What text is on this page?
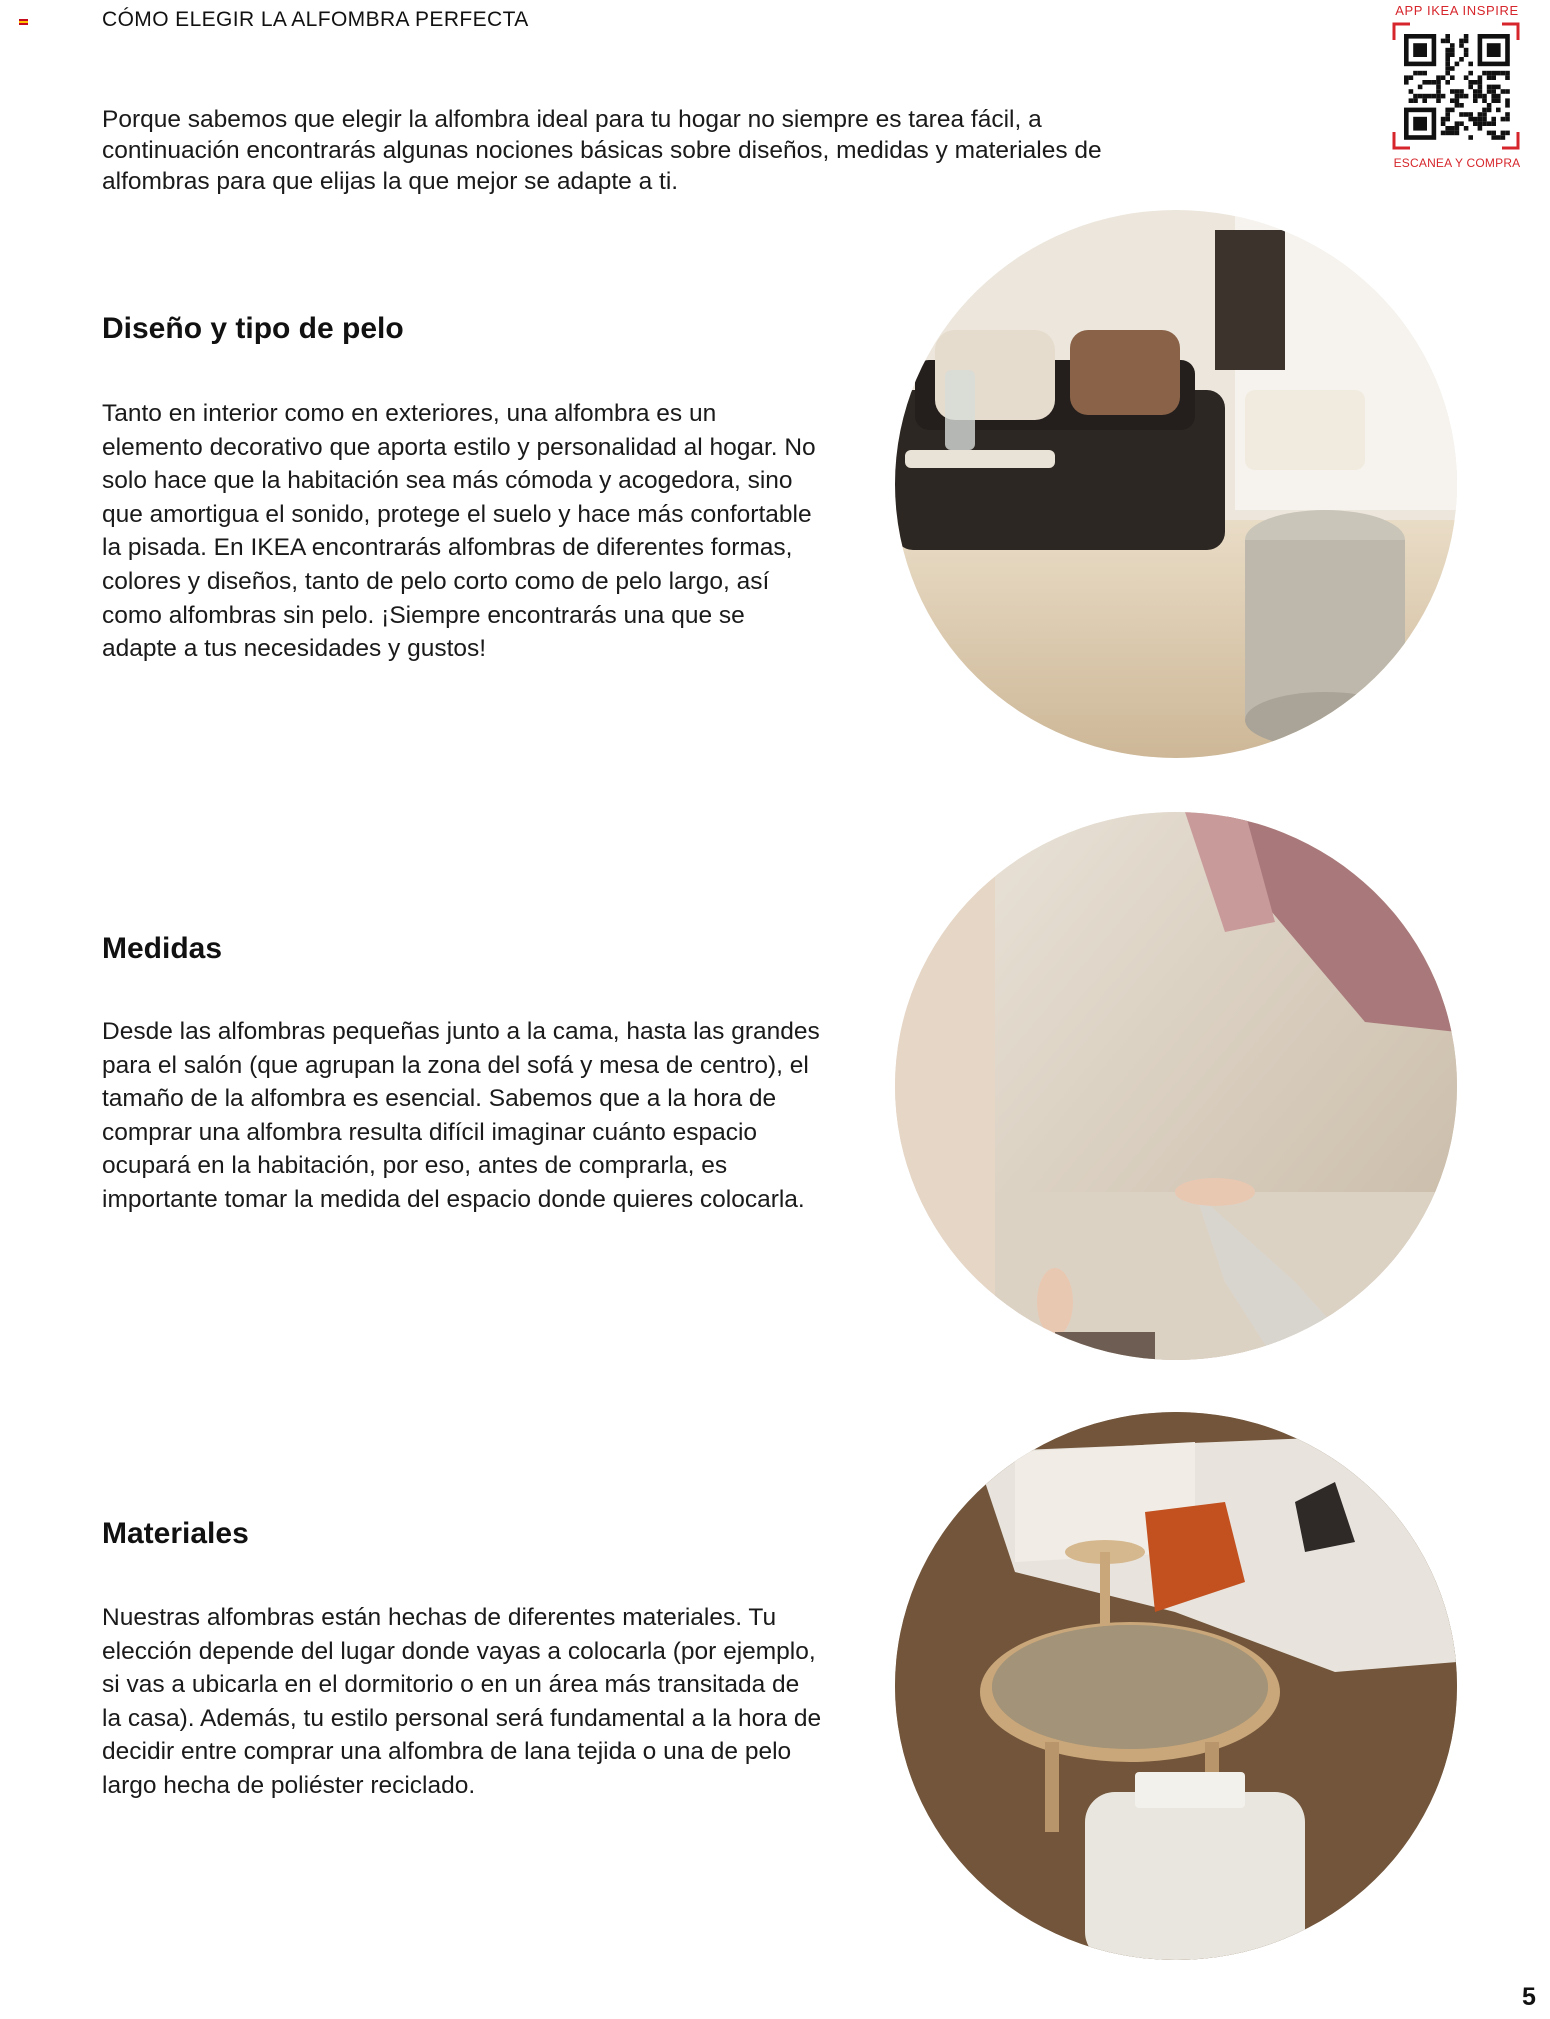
CÓMO ELEGIR LA ALFOMBRA PERFECTA	APP IKEA INSPIRE
ESCANEA Y COMPRA
Porque sabemos que elegir la alfombra ideal para tu hogar no siempre es tarea fácil, a continuación encontrarás algunas nociones básicas sobre diseños, medidas y materiales de alfombras para que elijas la que mejor se adapte a ti.
Diseño y tipo de pelo
Tanto en interior como en exteriores, una alfombra es un elemento decorativo que aporta estilo y personalidad al hogar. No solo hace que la habitación sea más cómoda y acogedora, sino que amortigua el sonido, protege el suelo y hace más confortable la pisada. En IKEA encontrarás alfombras de diferentes formas, colores y diseños, tanto de pelo corto como de pelo largo, así como alfombras sin pelo. ¡Siempre encontrarás una que se adapte a tus necesidades y gustos!
Medidas
Desde las alfombras pequeñas junto a la cama, hasta las grandes para el salón (que agrupan la zona del sofá y mesa de centro), el tamaño de la alfombra es esencial. Sabemos que a la hora de comprar una alfombra resulta difícil imaginar cuánto espacio ocupará en la habitación, por eso, antes de comprarla, es importante tomar la medida del espacio donde quieres colocarla.
Materiales
Nuestras alfombras están hechas de diferentes materiales. Tu elección depende del lugar donde vayas a colocarla (por ejemplo, si vas a ubicarla en el dormitorio o en un área más transitada de la casa). Además, tu estilo personal será fundamental a la hora de decidir entre comprar una alfombra de lana tejida o una de pelo largo hecha de poliéster reciclado.
5
